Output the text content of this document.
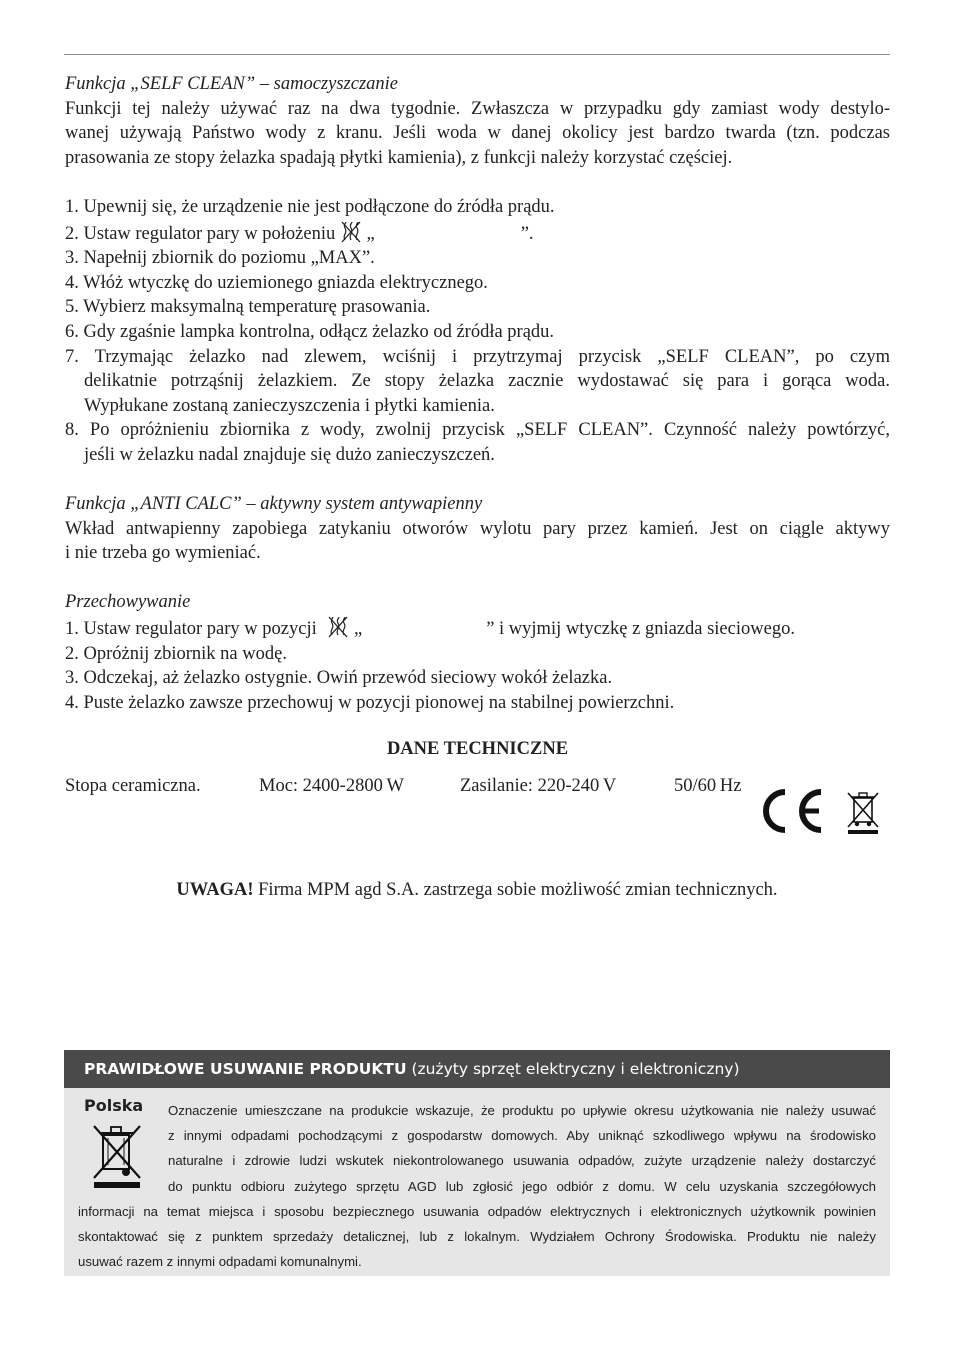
Funkcja „SELF CLEAN” – samoczyszczanie
Funkcji tej należy używać raz na dwa tygodnie. Zwłaszcza w przypadku gdy zamiast wody destylo-
wanej używają Państwo wody z kranu. Jeśli woda w danej okolicy jest bardzo twarda (tzn. podczas
prasowania ze stopy żelazka spadają płytki kamienia), z funkcji należy korzystać częściej.
1. Upewnij się, że urządzenie nie jest podłączone do źródła prądu.
2. Ustaw regulator pary w położeniu „	”.
3. Napełnij zbiornik do poziomu „MAX”.
4. Włóż wtyczkę do uziemionego gniazda elektrycznego.
5. Wybierz maksymalną temperaturę prasowania.
6. Gdy zgaśnie lampka kontrolna, odłącz żelazko od źródła prądu.
7. Trzymając żelazko nad zlewem, wciśnij i przytrzymaj przycisk „SELF CLEAN”, po czym
delikatnie potrząśnij żelazkiem. Ze stopy żelazka zacznie wydostawać się para i gorąca woda.
Wypłukane zostaną zanieczyszczenia i płytki kamienia.
8. Po opróżnieniu zbiornika z wody, zwolnij przycisk „SELF CLEAN”. Czynność należy powtórzyć,
jeśli w żelazku nadal znajduje się dużo zanieczyszczeń.
Funkcja „ANTI CALC” – aktywny system antywapienny
Wkład antwapienny zapobiega zatykaniu otworów wylotu pary przez kamień. Jest on ciągle aktywy
i nie trzeba go wymieniać.
Przechowywanie
1. Ustaw regulator pary w pozycji „	” i wyjmij wtyczkę z gniazda sieciowego.
2. Opróżnij zbiornik na wodę.
3. Odczekaj, aż żelazko ostygnie. Owiń przewód sieciowy wokół żelazka.
4. Puste żelazko zawsze przechowuj w pozycji pionowej na stabilnej powierzchni.
DANE TECHNICZNE
Stopa ceramiczna.	Moc: 2400-2800 W	Zasilanie: 220-240 V	50/60 Hz
UWAGA! Firma MPM agd S.A. zastrzega sobie możliwość zmian technicznych.
PRAWIDŁOWE USUWANIE PRODUKTU (zużyty sprzęt elektryczny i elektroniczny)
Oznaczenie umieszczane na produkcie wskazuje, że produktu po upływie okresu użytkowania nie należy usuwać
z innymi odpadami pochodzącymi z gospodarstw domowych. Aby uniknąć szkodliwego wpływu na środowisko
naturalne i zdrowie ludzi wskutek niekontrolowanego usuwania odpadów, zużyte urządzenie należy dostarczyć
do punktu odbioru zużytego sprzętu AGD lub zgłosić jego odbiór z domu. W celu uzyskania szczegółowych
informacji na temat miejsca i sposobu bezpiecznego usuwania odpadów elektrycznych i elektronicznych użytkownik powinien
skontaktować się z punktem sprzedaży detalicznej, lub z lokalnym. Wydziałem Ochrony Środowiska. Produktu nie należy
usuwać razem z innymi odpadami komunalnymi.
Polska
